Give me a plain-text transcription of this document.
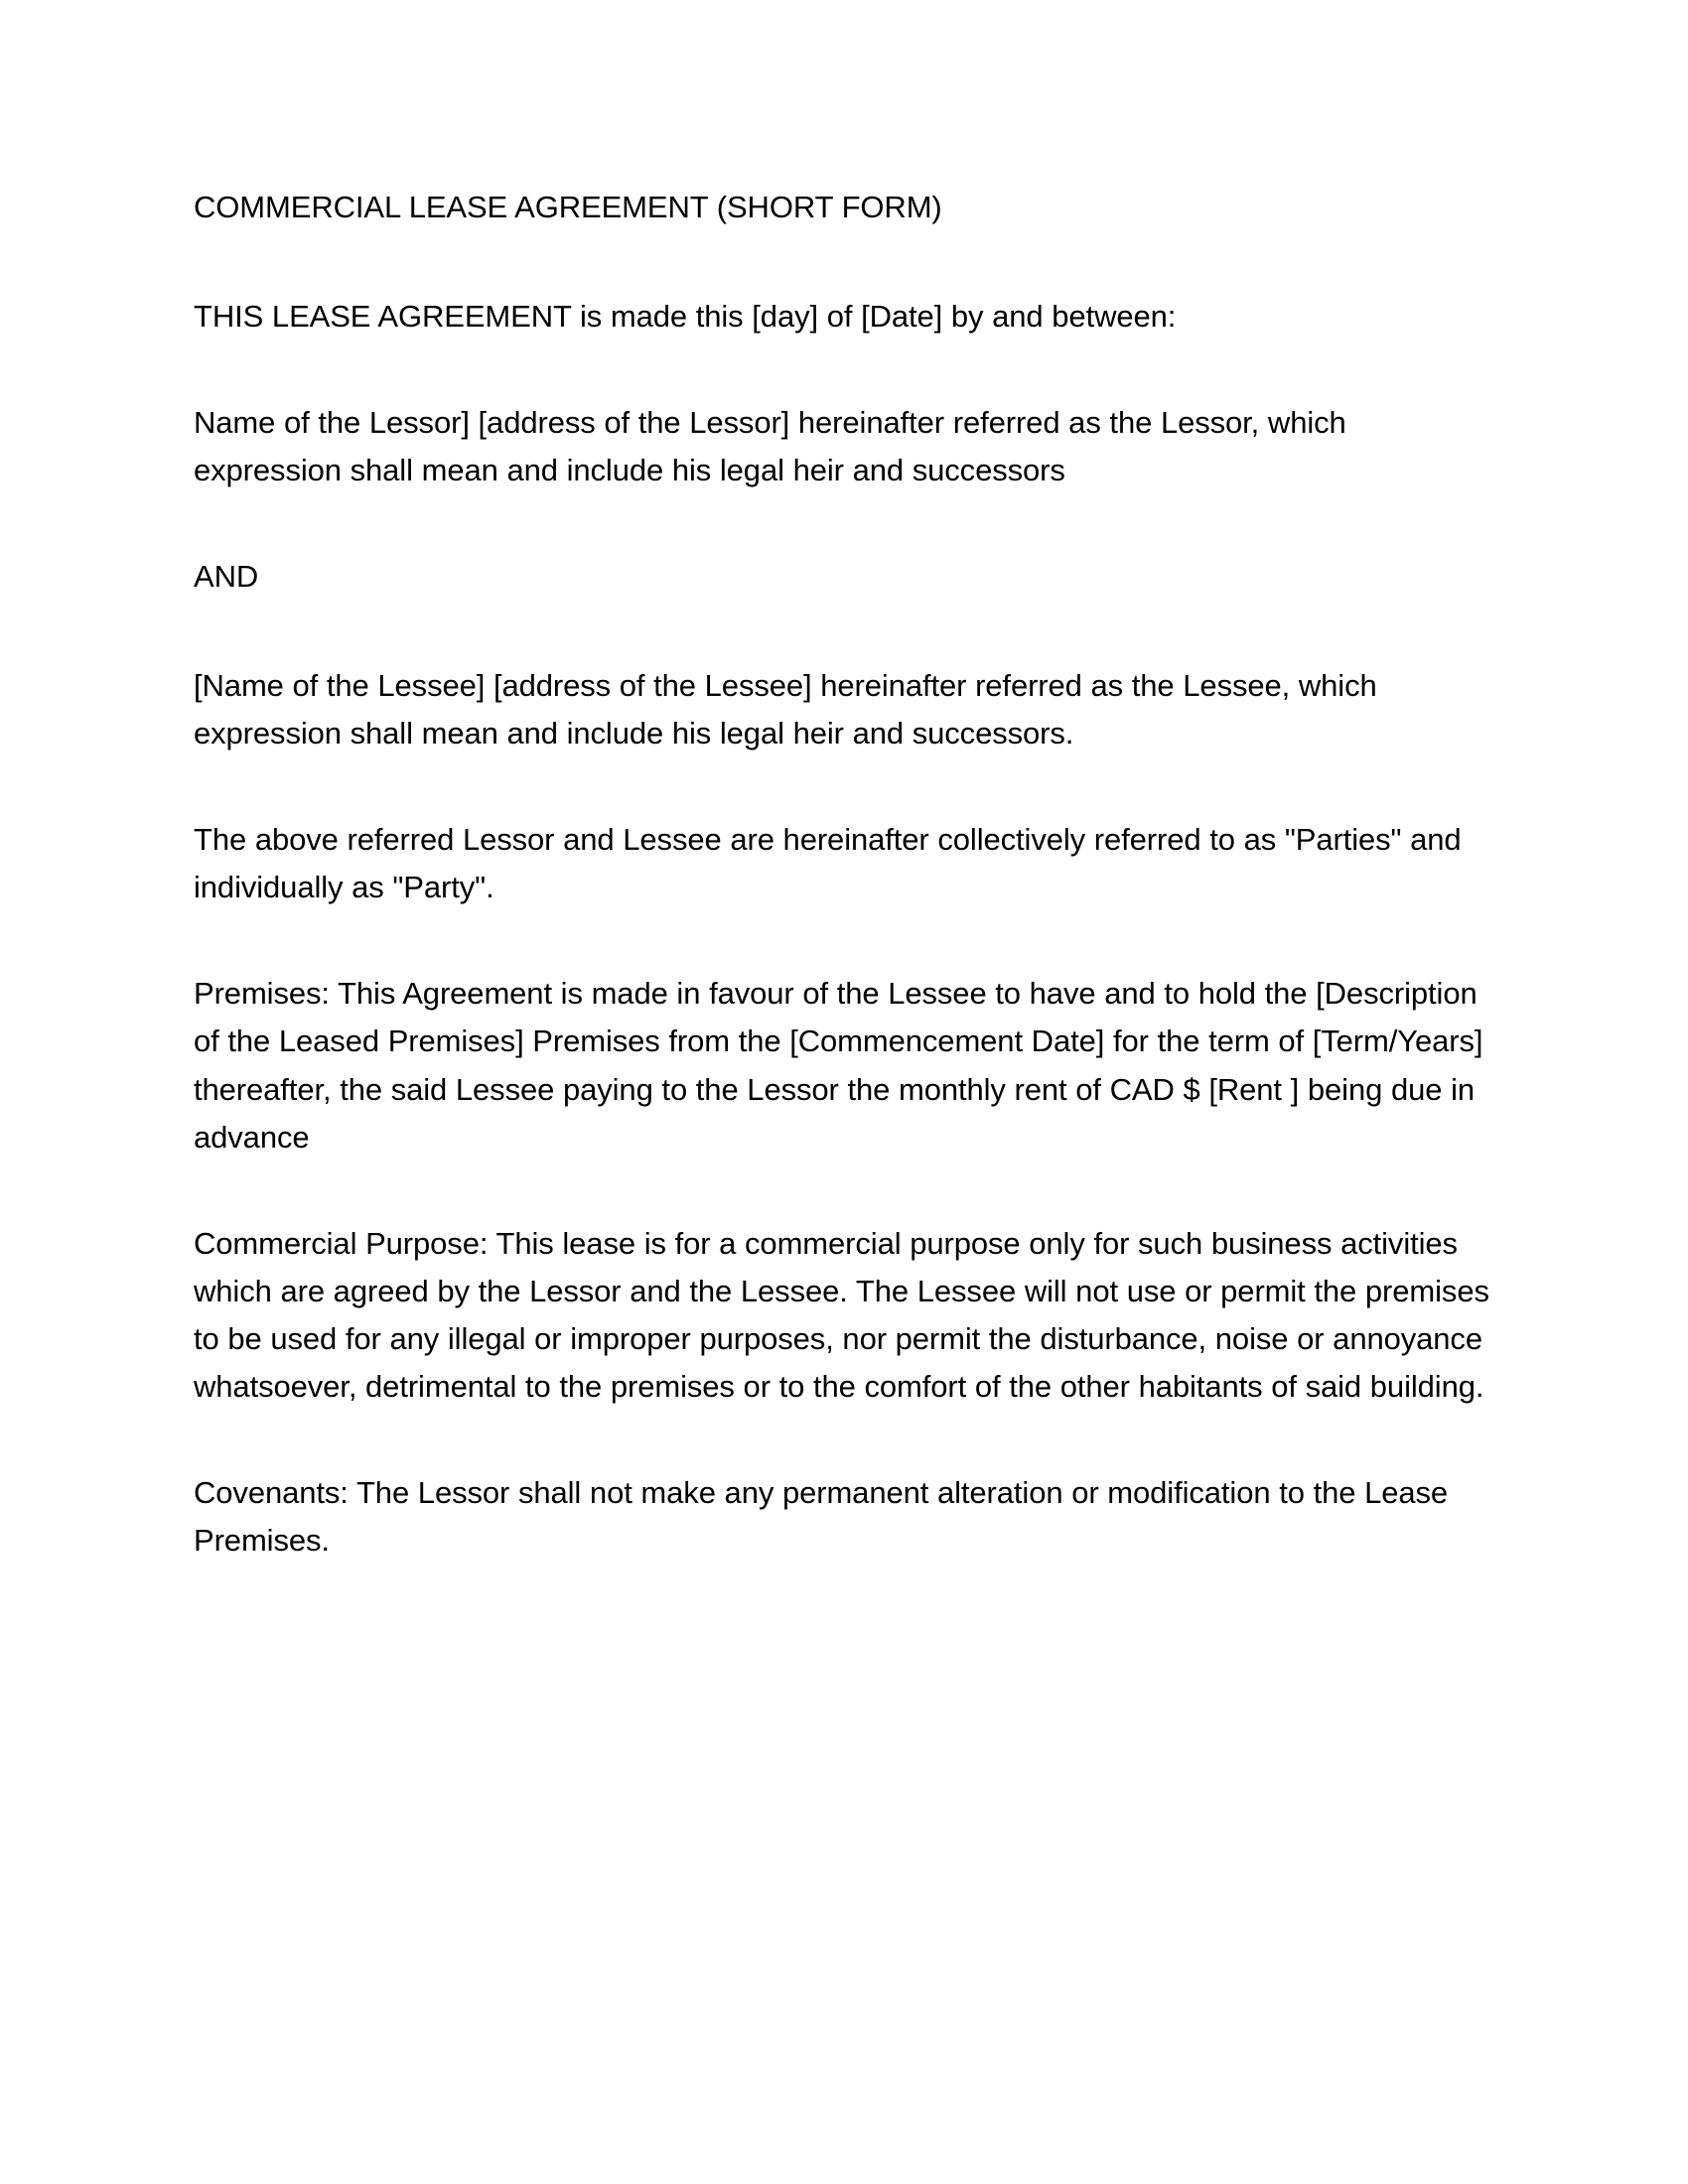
COMMERCIAL LEASE AGREEMENT (SHORT FORM)

THIS LEASE AGREEMENT is made this [day] of [Date] by and between:

Name of the Lessor] [address of the Lessor] hereinafter referred as the Lessor, which expression shall mean and include his legal heir and successors

AND

[Name of the Lessee] [address of the Lessee] hereinafter referred as the Lessee, which expression shall mean and include his legal heir and successors.

The above referred Lessor and Lessee are hereinafter collectively referred to as "Parties" and individually as "Party".

Premises: This Agreement is made in favour of the Lessee to have and to hold the [Description of the Leased Premises] Premises from the [Commencement Date] for the term of [Term/Years] thereafter, the said Lessee paying to the Lessor the monthly rent of CAD $ [Rent ] being due in advance

Commercial Purpose: This lease is for a commercial purpose only for such business activities which are agreed by the Lessor and the Lessee. The Lessee will not use or permit the premises to be used for any illegal or improper purposes, nor permit the disturbance, noise or annoyance whatsoever, detrimental to the premises or to the comfort of the other habitants of said building.

Covenants: The Lessor shall not make any permanent alteration or modification to the Lease Premises.
